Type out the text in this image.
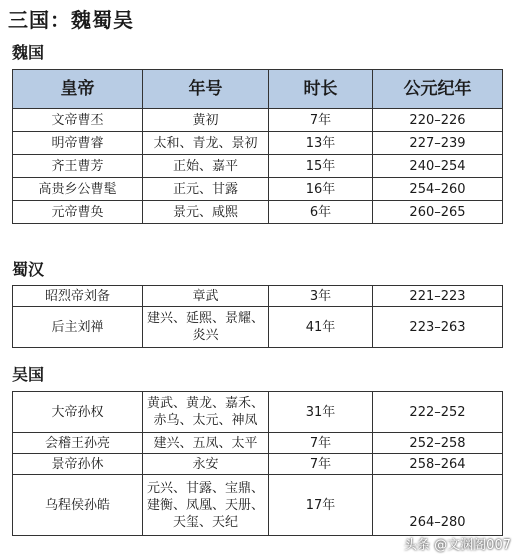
三国：魏蜀吴
魏国
皇帝	年号	时长	公元纪年
文帝曹丕	黄初	7年	220–226
明帝曹睿	太和、青龙、景初	13年	227–239
齐王曹芳	正始、嘉平	15年	240–254
高贵乡公曹髦	正元、甘露	16年	254–260
元帝曹奂	景元、咸熙	6年	260–265
蜀汉
昭烈帝刘备	章武	3年	221–223
后主刘禅	建兴、延熙、景耀、炎兴	41年	223–263
吴国
大帝孙权	黄武、黄龙、嘉禾、赤乌、太元、神凤	31年	222–252
会稽王孙亮	建兴、五凤、太平	7年	252–258
景帝孙休	永安	7年	258–264
乌程侯孙皓	元兴、甘露、宝鼎、建衡、凤凰、天册、天玺、天纪	17年	264–280
头条 @文渊阁007
